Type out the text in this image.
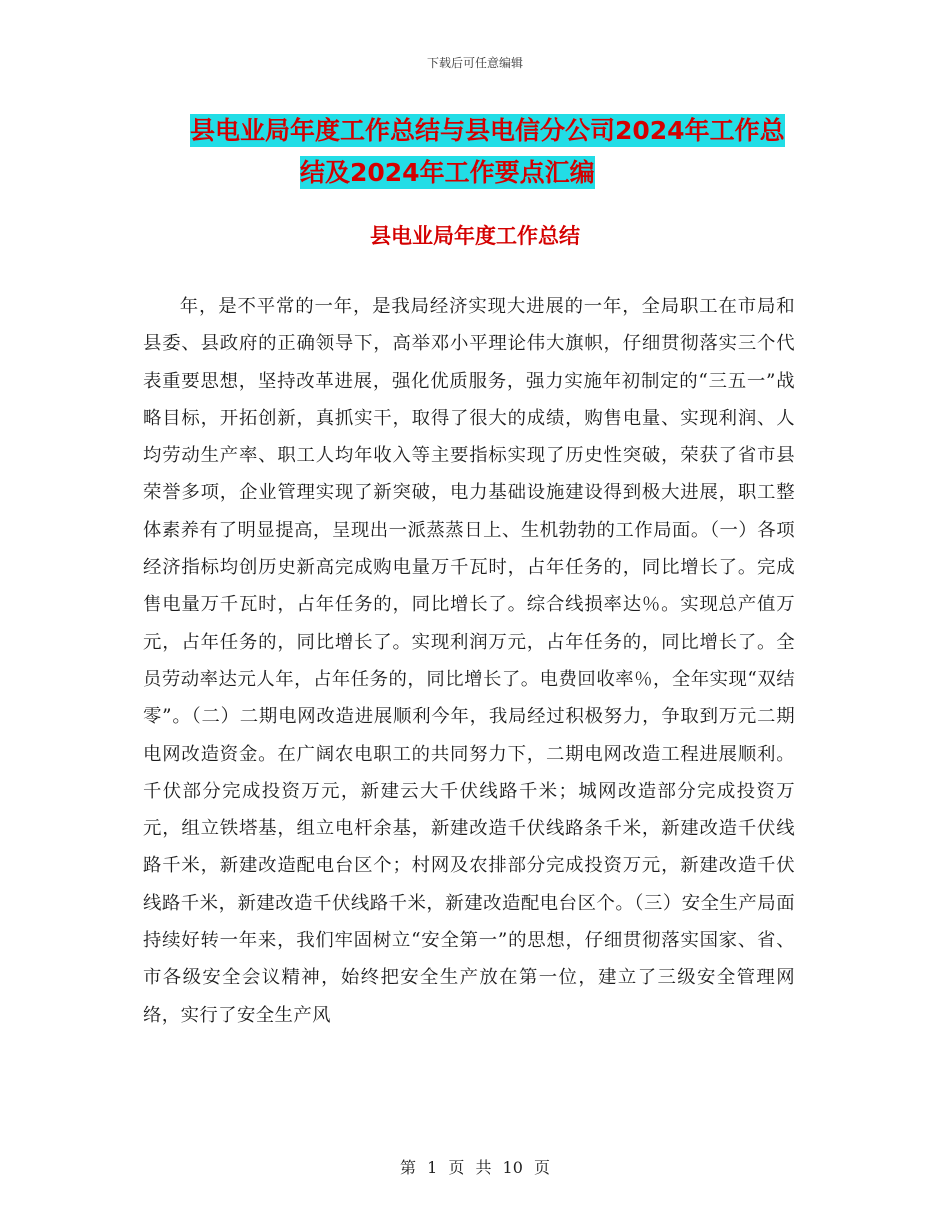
下载后可任意编辑
县电业局年度工作总结与县电信分公司2024年工作总
结及2024年工作要点汇编
县电业局年度工作总结

年，是不平常的一年，是我局经济实现大进展的一年，全局职工在市局和县委、县政府的正确领导下，高举邓小平理论伟大旗帜，仔细贯彻落实三个代表重要思想，坚持改革进展，强化优质服务，强力实施年初制定的“三五一”战略目标，开拓创新，真抓实干，取得了很大的成绩，购售电量、实现利润、人均劳动生产率、职工人均年收入等主要指标实现了历史性突破，荣获了省市县荣誉多项，企业管理实现了新突破，电力基础设施建设得到极大进展，职工整体素养有了明显提高，呈现出一派蒸蒸日上、生机勃勃的工作局面。（一）各项经济指标均创历史新高完成购电量万千瓦时，占年任务的，同比增长了。完成售电量万千瓦时，占年任务的，同比增长了。综合线损率达％。实现总产值万元，占年任务的，同比增长了。实现利润万元，占年任务的，同比增长了。全员劳动率达元人年，占年任务的，同比增长了。电费回收率％，全年实现“双结零”。（二）二期电网改造进展顺利今年，我局经过积极努力，争取到万元二期电网改造资金。在广阔农电职工的共同努力下，二期电网改造工程进展顺利。千伏部分完成投资万元，新建云大千伏线路千米；城网改造部分完成投资万元，组立铁塔基，组立电杆余基，新建改造千伏线路条千米，新建改造千伏线路千米，新建改造配电台区个；村网及农排部分完成投资万元，新建改造千伏线路千米，新建改造千伏线路千米，新建改造配电台区个。（三）安全生产局面持续好转一年来，我们牢固树立“安全第一”的思想，仔细贯彻落实国家、省、市各级安全会议精神，始终把安全生产放在第一位，建立了三级安全管理网络，实行了安全生产风

第 1 页 共 10 页
